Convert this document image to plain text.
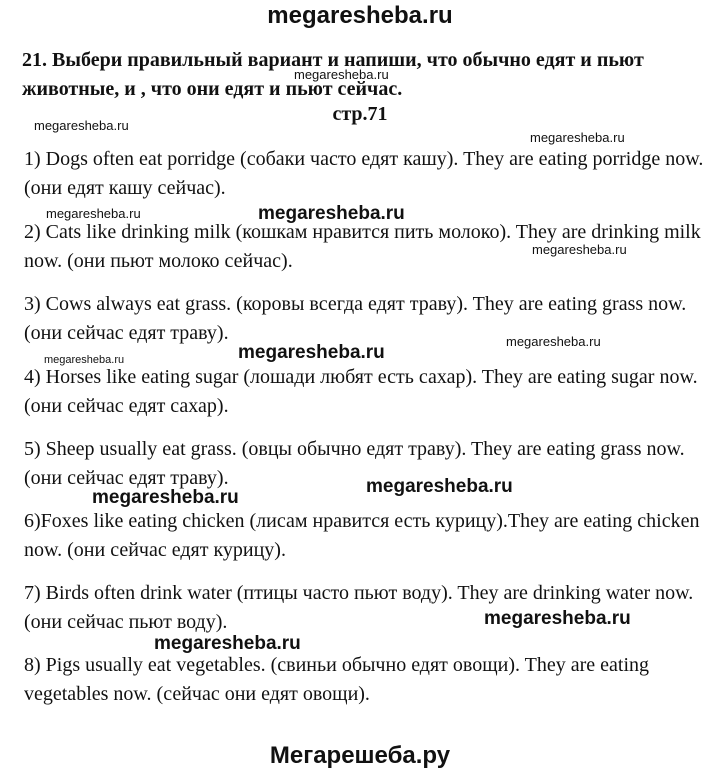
megaresheba.ru
21. Выбери правильный вариант и напиши, что обычно едят и пьют животные, и , что они едят и пьют сейчас.
стр.71
1) Dogs often eat porridge (собаки часто едят кашу). They are eating porridge now.(они едят кашу сейчас).
2) Cats like drinking milk (кошкам нравится пить молоко). They are drinking milk now. (они пьют молоко сейчас).
3) Cows always eat grass. (коровы всегда едят траву). They are eating grass now.(они сейчас едят траву).
4) Horses like eating sugar (лошади любят есть сахар). They are eating sugar now. (они сейчас едят сахар).
5) Sheep usually eat grass. (овцы обычно едят траву). They are eating grass now.(они сейчас едят траву).
6)Foxes like eating chicken (лисам нравится есть курицу).They are eating chicken now. (они сейчас едят курицу).
7) Birds often drink water (птицы часто пьют воду). They are drinking water now.(они сейчас пьют воду).
8) Pigs usually eat vegetables. (свиньи обычно едят овощи). They are eating vegetables now. (сейчас они едят овощи).
megaresheba.ru
megaresheba.ru
megaresheba.ru
megaresheba.ru	megaresheba.ru
megaresheba.ru
megaresheba.ru
megaresheba.ru	megaresheba.ru
megaresheba.ru
megaresheba.ru
megaresheba.ru
megaresheba.ru
Мегарешеба.ру
